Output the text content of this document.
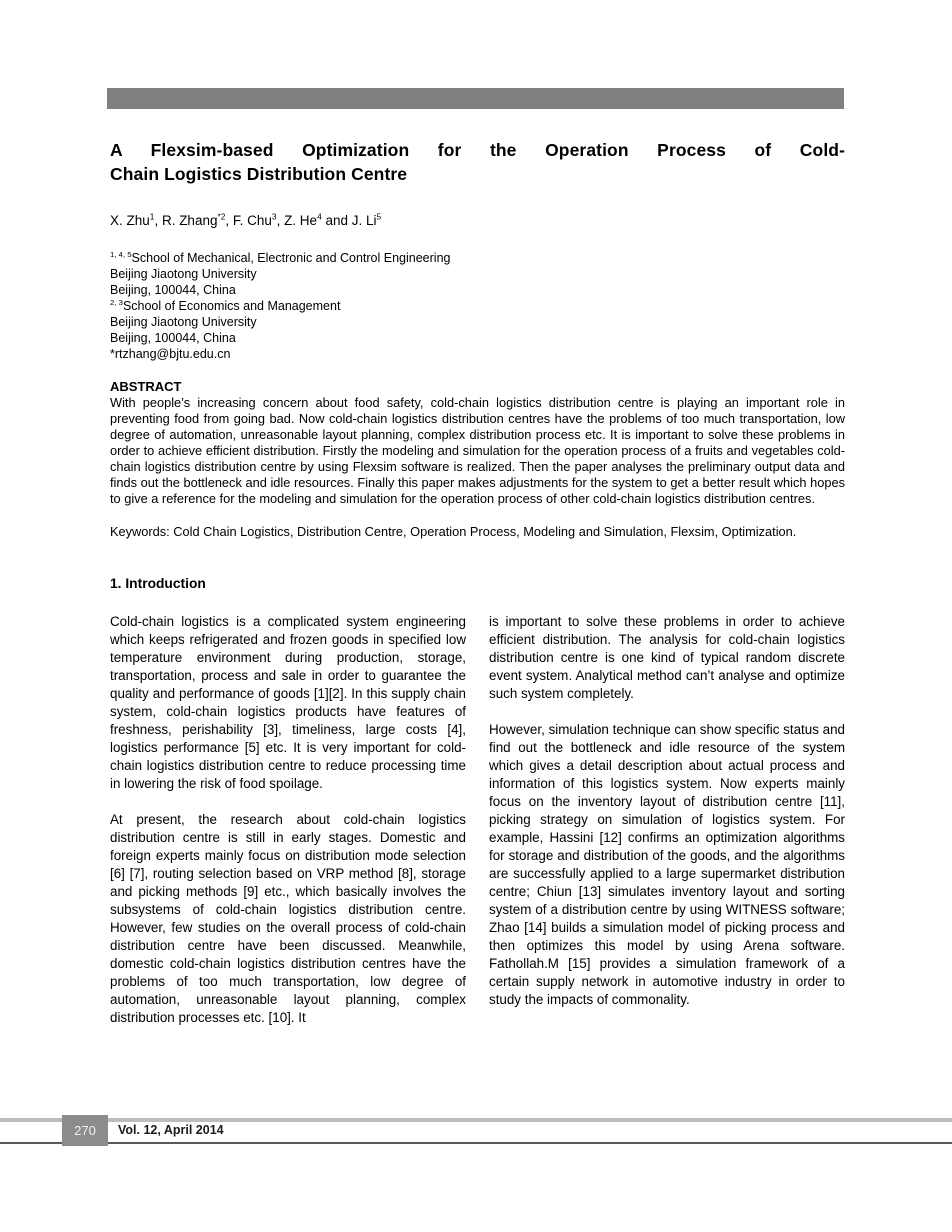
A Flexsim-based Optimization for the Operation Process of Cold-
Chain Logistics Distribution Centre
X. Zhu$^1$, R. Zhang$^{*2}$, F. Chu$^3$, Z. He$^4$ and J. Li$^5$
$^{1, 4, 5}$School of Mechanical, Electronic and Control Engineering
Beijing Jiaotong University
Beijing, 100044, China
$^{2, 3}$School of Economics and Management
Beijing Jiaotong University
Beijing, 100044, China
*rtzhang@bjtu.edu.cn
ABSTRACT
With people’s increasing concern about food safety, cold-chain logistics distribution centre is playing an important role in preventing food from going bad. Now cold-chain logistics distribution centres have the problems of too much transportation, low degree of automation, unreasonable layout planning, complex distribution process etc. It is important to solve these problems in order to achieve efficient distribution. Firstly the modeling and simulation for the operation process of a fruits and vegetables cold-chain logistics distribution centre by using Flexsim software is realized. Then the paper analyses the preliminary output data and finds out the bottleneck and idle resources. Finally this paper makes adjustments for the system to get a better result which hopes to give a reference for the modeling and simulation for the operation process of other cold-chain logistics distribution centres.
Keywords: Cold Chain Logistics, Distribution Centre, Operation Process, Modeling and Simulation, Flexsim, Optimization.
1. Introduction

Cold-chain logistics is a complicated system engineering which keeps refrigerated and frozen goods in specified low temperature environment during production, storage, transportation, process and sale in order to guarantee the quality and performance of goods [1][2]. In this supply chain system, cold-chain logistics products have features of freshness, perishability [3], timeliness, large costs [4], logistics performance [5] etc. It is very important for cold-chain logistics distribution centre to reduce processing time in lowering the risk of food spoilage.

At present, the research about cold-chain logistics distribution centre is still in early stages. Domestic and foreign experts mainly focus on distribution mode selection [6] [7], routing selection based on VRP method [8], storage and picking methods [9] etc., which basically involves the subsystems of cold-chain logistics distribution centre. However, few studies on the overall process of cold-chain distribution centre have been discussed. Meanwhile, domestic cold-chain logistics distribution centres have the problems of too much transportation, low degree of automation, unreasonable layout planning, complex distribution processes etc. [10]. It

is important to solve these problems in order to achieve efficient distribution. The analysis for cold-chain logistics distribution centre is one kind of typical random discrete event system. Analytical method can’t analyse and optimize such system completely.

However, simulation technique can show specific status and find out the bottleneck and idle resource of the system which gives a detail description about actual process and information of this logistics system. Now experts mainly focus on the inventory layout of distribution centre [11], picking strategy on simulation of logistics system. For example, Hassini [12] confirms an optimization algorithms for storage and distribution of the goods, and the algorithms are successfully applied to a large supermarket distribution centre; Chiun [13] simulates inventory layout and sorting system of a distribution centre by using WITNESS software; Zhao [14] builds a simulation model of picking process and then optimizes this model by using Arena software. Fathollah.M [15] provides a simulation framework of a certain supply network in automotive industry in order to study the impacts of commonality.

270 Vol. 12, April 2014
